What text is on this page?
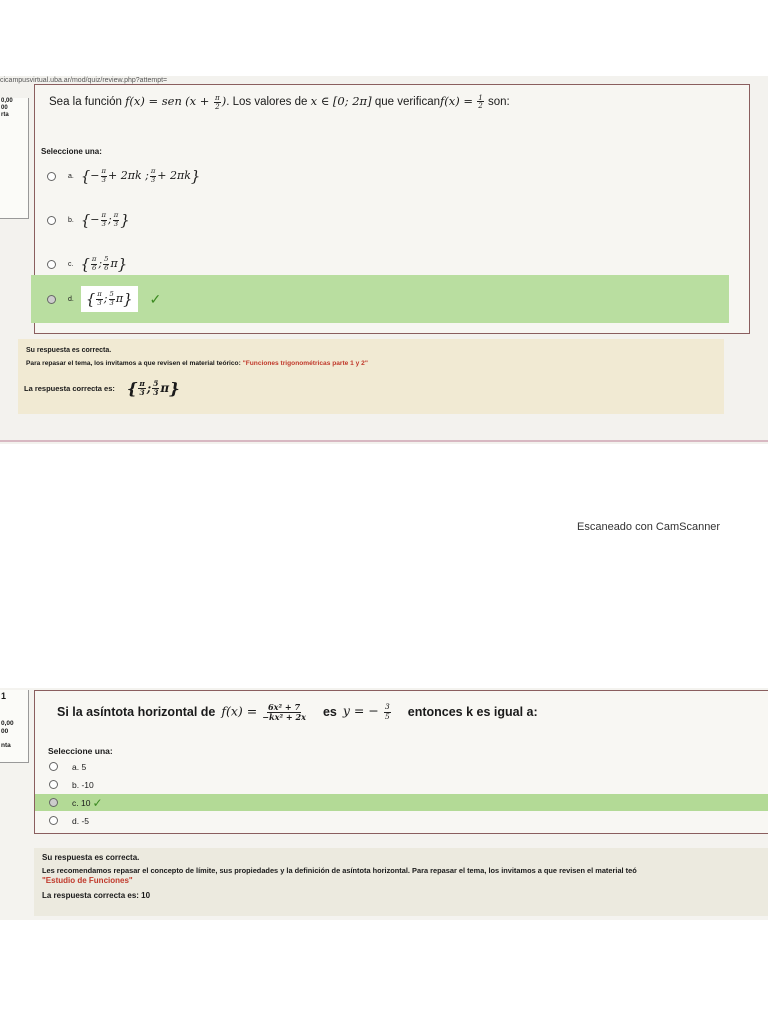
cicampusvirtual.uba.ar/mod/quiz/review.php?attempt=
0,00
00
rta
Sea la función f(x) = sen ($x + \frac{\pi}{2}$ ). Los valores de x ∈ [0; 2π] que verificanf(x) = $\frac{1}{2}$ son:
Seleccione una:
a. {− $\frac{\pi}{3} + 2\pi k$ ; $\frac{\pi}{3} + 2\pi k$}
b. {− $\frac{\pi}{3}$ ; $\frac{\pi}{3}$ }
c. { $\frac{\pi}{6}$ ; $\frac{5}{6} \pi$}
d. { $\frac{\pi}{3}$ ; $\frac{5}{3} \pi$}	✓
Su respuesta es correcta.
Para repasar el tema, los invitamos a que revisen el material teórico: "Funciones trigonométricas parte 1 y 2"
La respuesta correcta es: { $\frac{\pi}{3}$ ; $\frac{5}{3} \pi$}
Escaneado con CamScanner
1
0,00
00
nta
Si la asíntota horizontal de $f(x) = \frac{\text{6x² + 7}}{\text{−kx² + 2x}}$ es y = − $\frac{3}{5}$ entonces k es igual a:
Seleccione una:
a.
5
b.
-10
c.
10 ✓
d.
-5
Su respuesta es correcta.
Les recomendamos repasar el concepto de límite, sus propiedades y la definición de asíntota horizontal. Para repasar el tema, los invitamos a que revisen el material teó
"Estudio de Funciones"
La respuesta correcta es: 10
